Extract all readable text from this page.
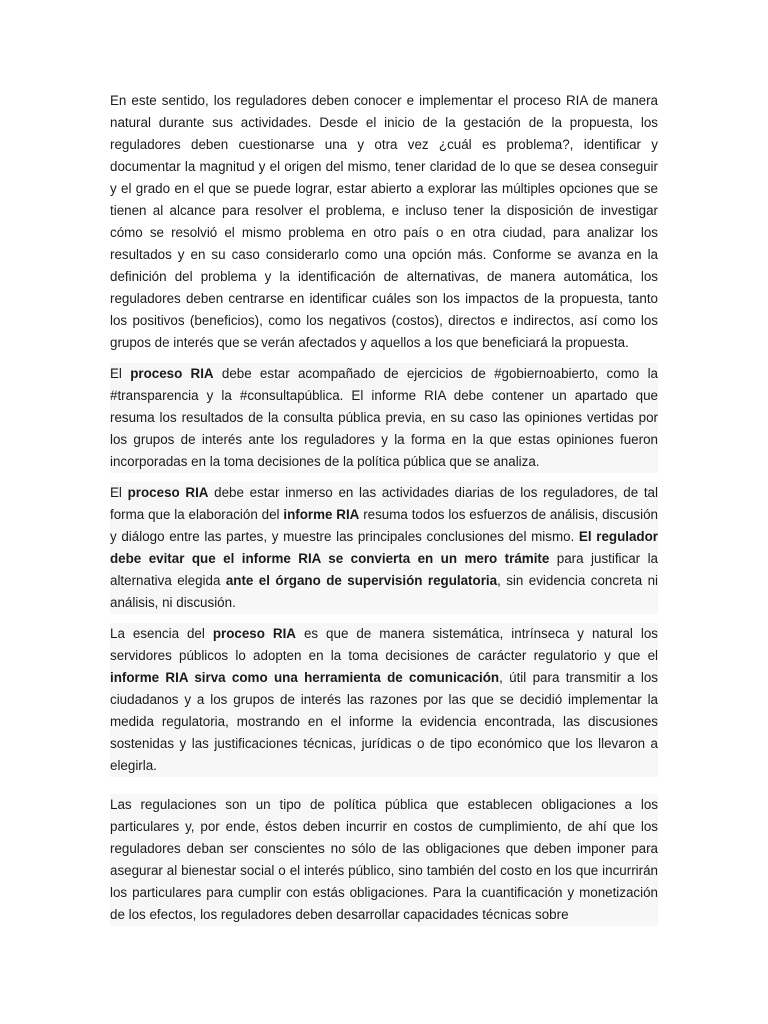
En este sentido, los reguladores deben conocer e implementar el proceso RIA de manera natural durante sus actividades. Desde el inicio de la gestación de la propuesta, los reguladores deben cuestionarse una y otra vez ¿cuál es problema?, identificar y documentar la magnitud y el origen del mismo, tener claridad de lo que se desea conseguir y el grado en el que se puede lograr, estar abierto a explorar las múltiples opciones que se tienen al alcance para resolver el problema, e incluso tener la disposición de investigar cómo se resolvió el mismo problema en otro país o en otra ciudad, para analizar los resultados y en su caso considerarlo como una opción más. Conforme se avanza en la definición del problema y la identificación de alternativas, de manera automática, los reguladores deben centrarse en identificar cuáles son los impactos de la propuesta, tanto los positivos (beneficios), como los negativos (costos), directos e indirectos, así como los grupos de interés que se verán afectados y aquellos a los que beneficiará la propuesta.

El proceso RIA debe estar acompañado de ejercicios de #gobiernoabierto, como la #transparencia y la #consultapública. El informe RIA debe contener un apartado que resuma los resultados de la consulta pública previa, en su caso las opiniones vertidas por los grupos de interés ante los reguladores y la forma en la que estas opiniones fueron incorporadas en la toma decisiones de la política pública que se analiza.

El proceso RIA debe estar inmerso en las actividades diarias de los reguladores, de tal forma que la elaboración del informe RIA resuma todos los esfuerzos de análisis, discusión y diálogo entre las partes, y muestre las principales conclusiones del mismo. El regulador debe evitar que el informe RIA se convierta en un mero trámite para justificar la alternativa elegida ante el órgano de supervisión regulatoria, sin evidencia concreta ni análisis, ni discusión.

La esencia del proceso RIA es que de manera sistemática, intrínseca y natural los servidores públicos lo adopten en la toma decisiones de carácter regulatorio y que el informe RIA sirva como una herramienta de comunicación, útil para transmitir a los ciudadanos y a los grupos de interés las razones por las que se decidió implementar la medida regulatoria, mostrando en el informe la evidencia encontrada, las discusiones sostenidas y las justificaciones técnicas, jurídicas o de tipo económico que los llevaron a elegirla.

Las regulaciones son un tipo de política pública que establecen obligaciones a los particulares y, por ende, éstos deben incurrir en costos de cumplimiento, de ahí que los reguladores deban ser conscientes no sólo de las obligaciones que deben imponer para asegurar al bienestar social o el interés público, sino también del costo en los que incurrirán los particulares para cumplir con estás obligaciones. Para la cuantificación y monetización de los efectos, los reguladores deben desarrollar capacidades técnicas sobre
